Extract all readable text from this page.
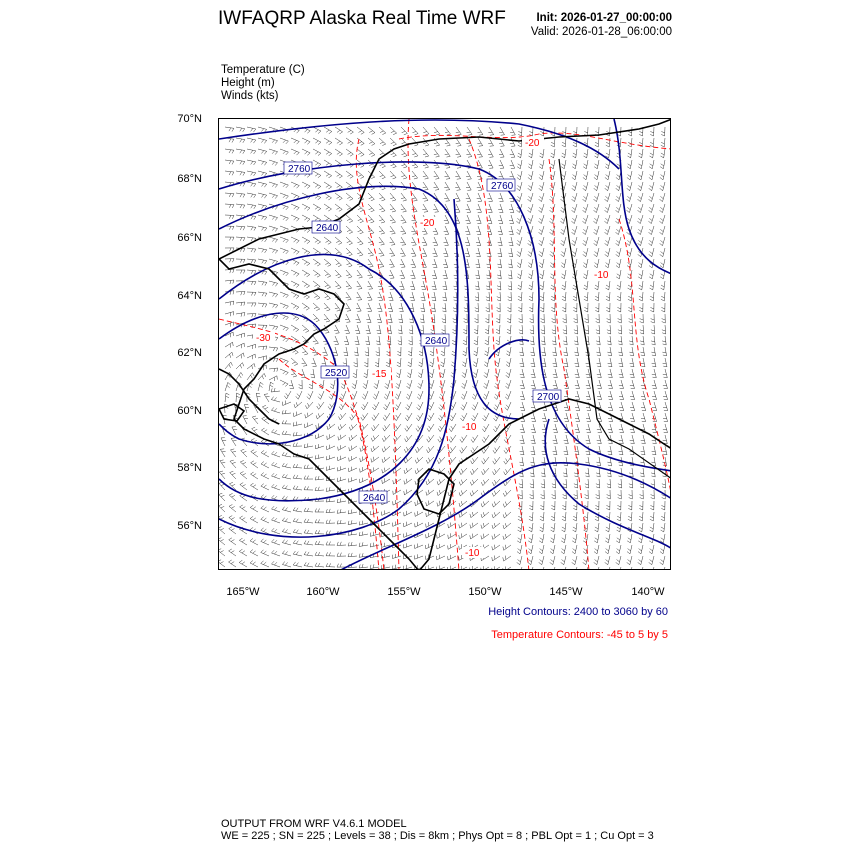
IWFAQRP Alaska Real Time WRF	Init: 2026-01-27_00:00:00
Valid: 2026-01-28_06:00:00
Temperature (C)
Height (m)
Winds (kts)
2760
2760
2640
2640
2520
2700
2640
-20
-20
-30
-10
-10
-10
-15
70°N
68°N
66°N
64°N
62°N
60°N
58°N
56°N
165°W	160°W	155°W	150°W	145°W	140°W
Height Contours: 2400 to 3060 by 60
Temperature Contours: -45 to 5 by 5
OUTPUT FROM WRF V4.6.1 MODEL
WE = 225 ; SN = 225 ; Levels = 38 ; Dis = 8km ; Phys Opt = 8 ; PBL Opt = 1 ; Cu Opt = 3
